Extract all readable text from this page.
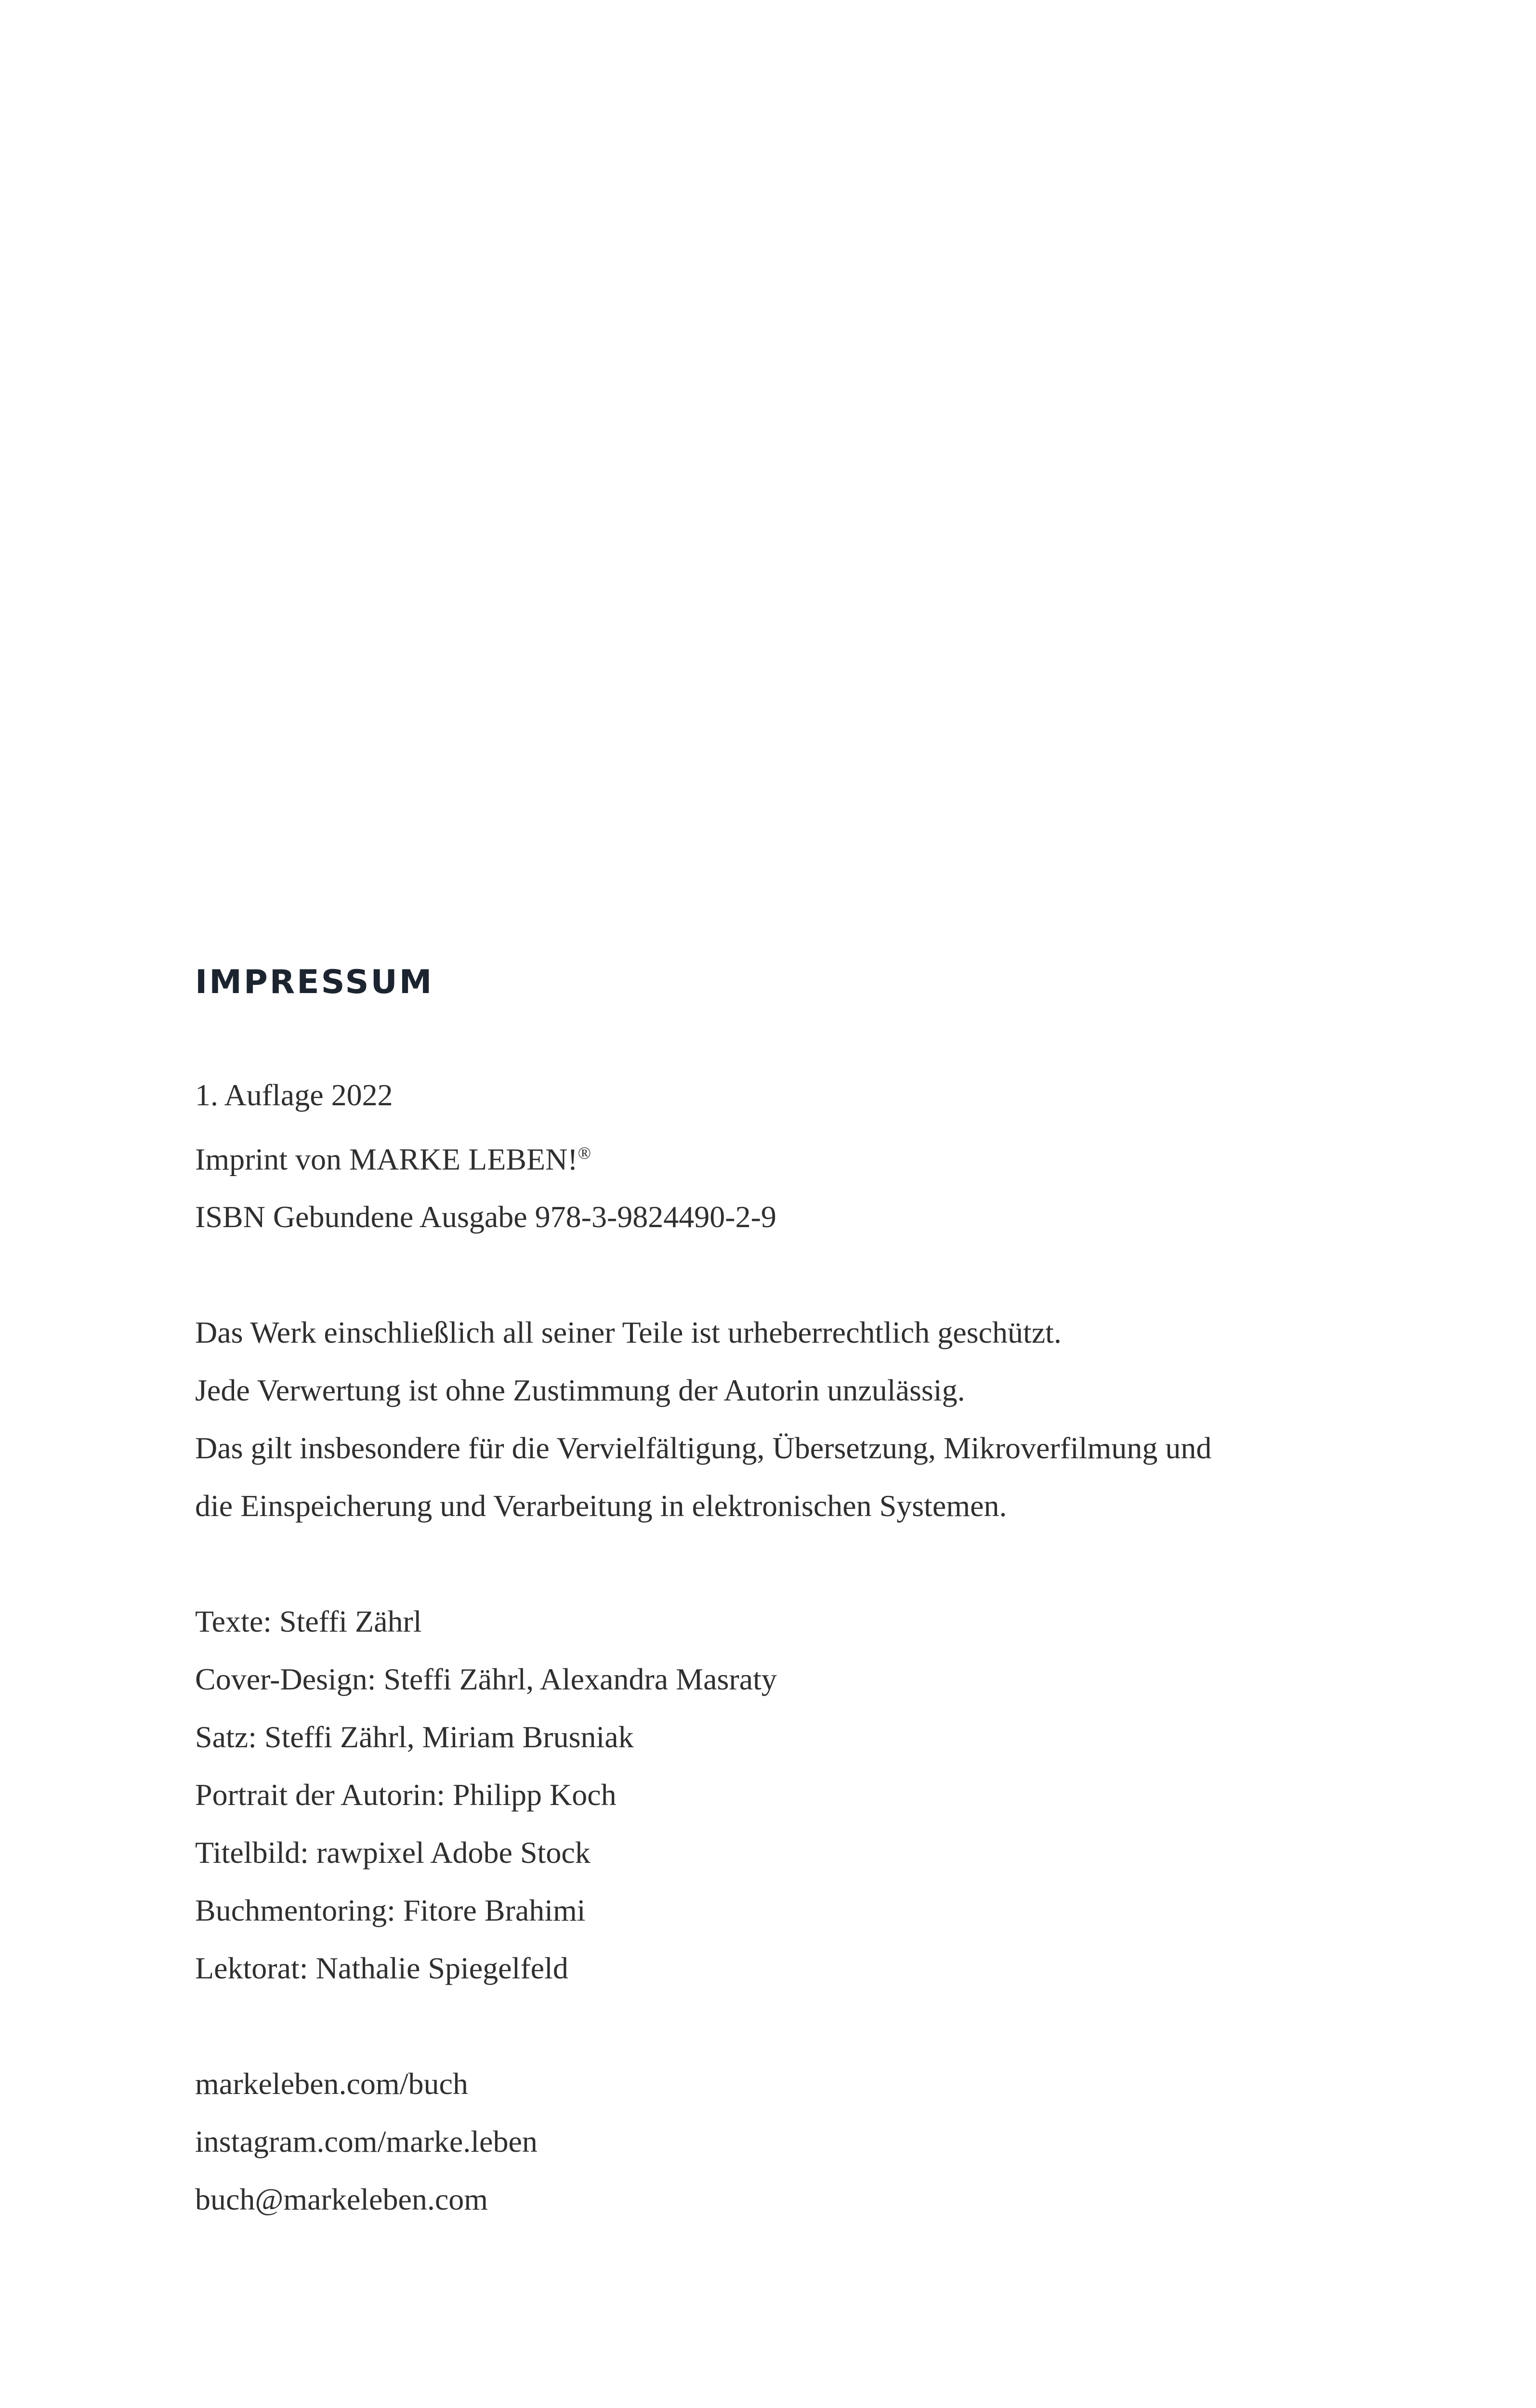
IMPRESSUM
1. Auflage 2022
Imprint von MARKE LEBEN!®
ISBN Gebundene Ausgabe 978-3-9824490-2-9
Das Werk einschließlich all seiner Teile ist urheberrechtlich geschützt.
Jede Verwertung ist ohne Zustimmung der Autorin unzulässig.
Das gilt insbesondere für die Vervielfältigung, Übersetzung, Mikroverfilmung und
die Einspeicherung und Verarbeitung in elektronischen Systemen.
Texte: Steffi Zährl
Cover-Design: Steffi Zährl, Alexandra Masraty
Satz: Steffi Zährl, Miriam Brusniak
Portrait der Autorin: Philipp Koch
Titelbild: rawpixel Adobe Stock
Buchmentoring: Fitore Brahimi
Lektorat: Nathalie Spiegelfeld
markeleben.com/buch
instagram.com/marke.leben
buch@markeleben.com
